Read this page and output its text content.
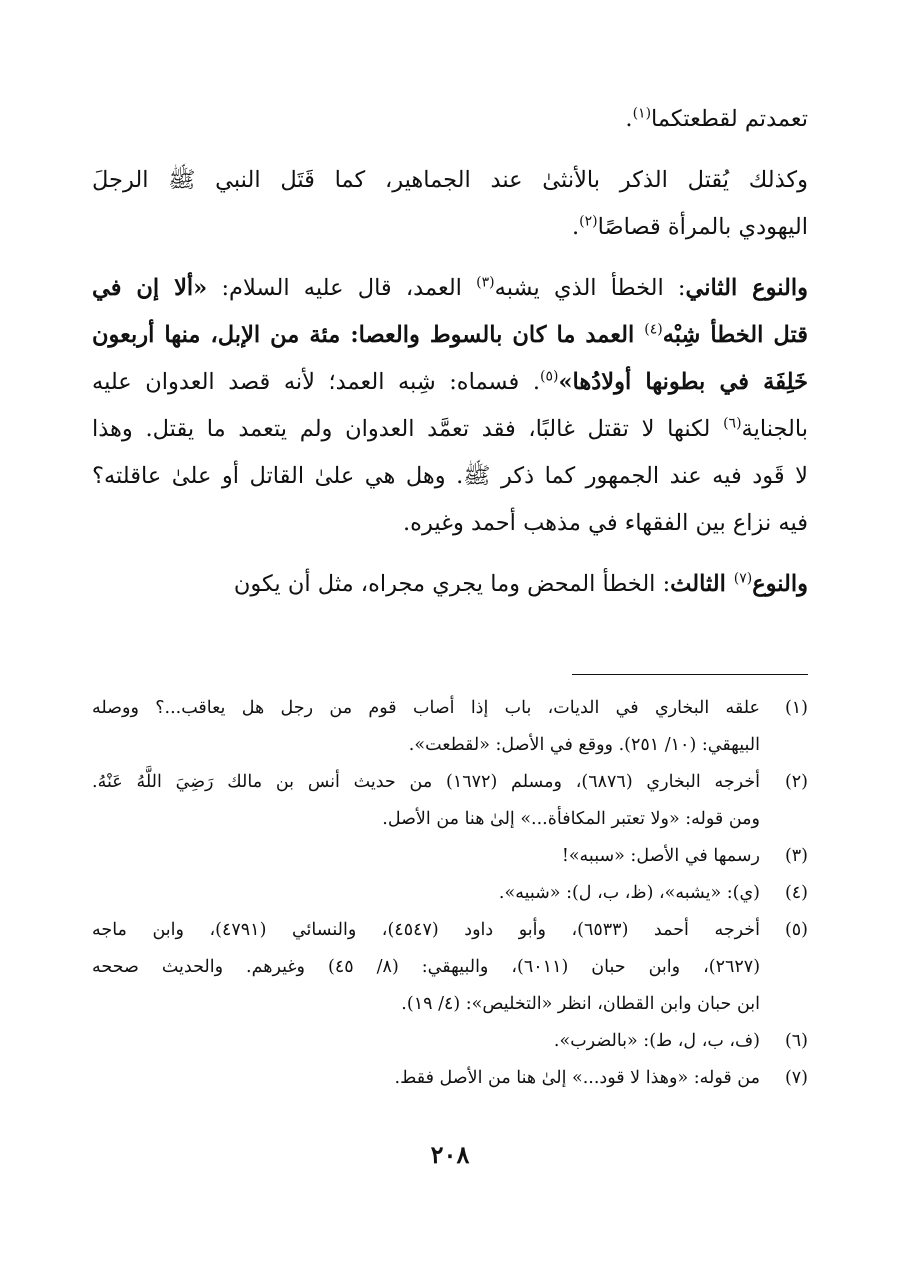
تعمدتم لقطعتكما$^{(١)}$.

وكذلك يُقتل الذكر بالأنثىٰ عند الجماهير، كما قَتَل النبي ﷺ الرجلَ
اليهودي بالمرأة قصاصًا$^{(٢)}$.

والنوع الثاني: الخطأ الذي يشبه$^{(٣)}$ العمد، قال عليه السلام: «ألا إن في
قتل الخطأ شِبْه$^{(٤)}$ العمد ما كان بالسوط والعصا: مئة من الإبل، منها أربعون
خَلِفَة في بطونها أولادُها»$^{(٥)}$. فسماه: شِبه العمد؛ لأنه قصد العدوان عليه
بالجناية$^{(٦)}$ لكنها لا تقتل غالبًا، فقد تعمَّد العدوان ولم يتعمد ما يقتل. وهذا
لا قَود فيه عند الجمهور كما ذكر ﷺ. وهل هي علىٰ القاتل أو علىٰ عاقلته؟
فيه نزاع بين الفقهاء في مذهب أحمد وغيره.

والنوع$^{(٧)}$ الثالث: الخطأ المحض وما يجري مجراه، مثل أن يكون

(١)
علقه البخاري في الديات، باب إذا أصاب قوم من رجل هل يعاقب...؟ ووصله
البيهقي: (١٠/ ٢٥١). ووقع في الأصل: «لقطعت».
(٢)
أخرجه البخاري (٦٨٧٦)، ومسلم (١٦٧٢) من حديث أنس بن مالك رَضِيَ اللَّهُ عَنْهُ.
ومن قوله: «ولا تعتبر المكافأة...» إلىٰ هنا من الأصل.
(٣)
رسمها في الأصل: «سببه»!
(٤)
(ي): «يشبه»، (ظ، ب، ل): «شبيه».
(٥)
أخرجه أحمد (٦٥٣٣)، وأبو داود (٤٥٤٧)، والنسائي (٤٧٩١)، وابن ماجه
(٢٦٢٧)، وابن حبان (٦٠١١)، والبيهقي: (٨/ ٤٥) وغيرهم. والحديث صححه
ابن حبان وابن القطان، انظر «التخليص»: (٤/ ١٩).
(٦)
(ف، ب، ل، ط): «بالضرب».
(٧)
من قوله: «وهذا لا قود...» إلىٰ هنا من الأصل فقط.
٢٠٨
